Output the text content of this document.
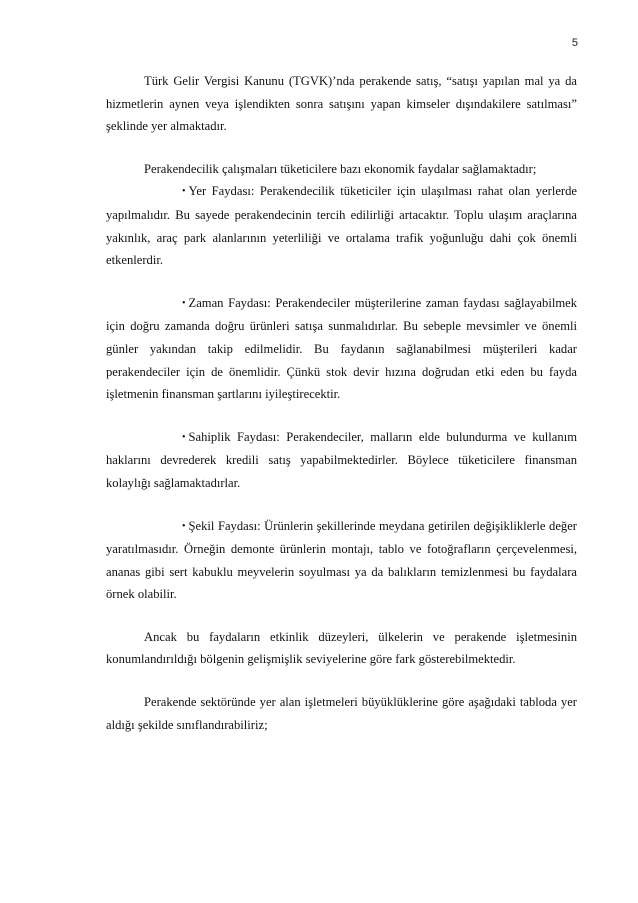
5

Türk Gelir Vergisi Kanunu (TGVK)’nda perakende satış, “satışı yapılan mal ya da hizmetlerin aynen veya işlendikten sonra satışını yapan kimseler dışındakilere satılması” şeklinde yer almaktadır.

Perakendecilik çalışmaları tüketicilere bazı ekonomik faydalar sağlamaktadır;

• Yer Faydası: Perakendecilik tüketiciler için ulaşılması rahat olan yerlerde yapılmalıdır. Bu sayede perakendecinin tercih edilirliği artacaktır. Toplu ulaşım araçlarına yakınlık, araç park alanlarının yeterliliği ve ortalama trafik yoğunluğu dahi çok önemli etkenlerdir.

• Zaman Faydası: Perakendeciler müşterilerine zaman faydası sağlayabilmek için doğru zamanda doğru ürünleri satışa sunmalıdırlar. Bu sebeple mevsimler ve önemli günler yakından takip edilmelidir. Bu faydanın sağlanabilmesi müşterileri kadar perakendeciler için de önemlidir. Çünkü stok devir hızına doğrudan etki eden bu fayda işletmenin finansman şartlarını iyileştirecektir.

• Sahiplik Faydası: Perakendeciler, malların elde bulundurma ve kullanım haklarını devrederek kredili satış yapabilmektedirler. Böylece tüketicilere finansman kolaylığı sağlamaktadırlar.

• Şekil Faydası: Ürünlerin şekillerinde meydana getirilen değişikliklerle değer yaratılmasıdır. Örneğin demonte ürünlerin montajı, tablo ve fotoğrafların çerçevelenmesi, ananas gibi sert kabuklu meyvelerin soyulması ya da balıkların temizlenmesi bu faydalara örnek olabilir.

Ancak bu faydaların etkinlik düzeyleri, ülkelerin ve perakende işletmesinin konumlandırıldığı bölgenin gelişmişlik seviyelerine göre fark gösterebilmektedir.

Perakende sektöründe yer alan işletmeleri büyüklüklerine göre aşağıdaki tabloda yer aldığı şekilde sınıflandırabiliriz;
